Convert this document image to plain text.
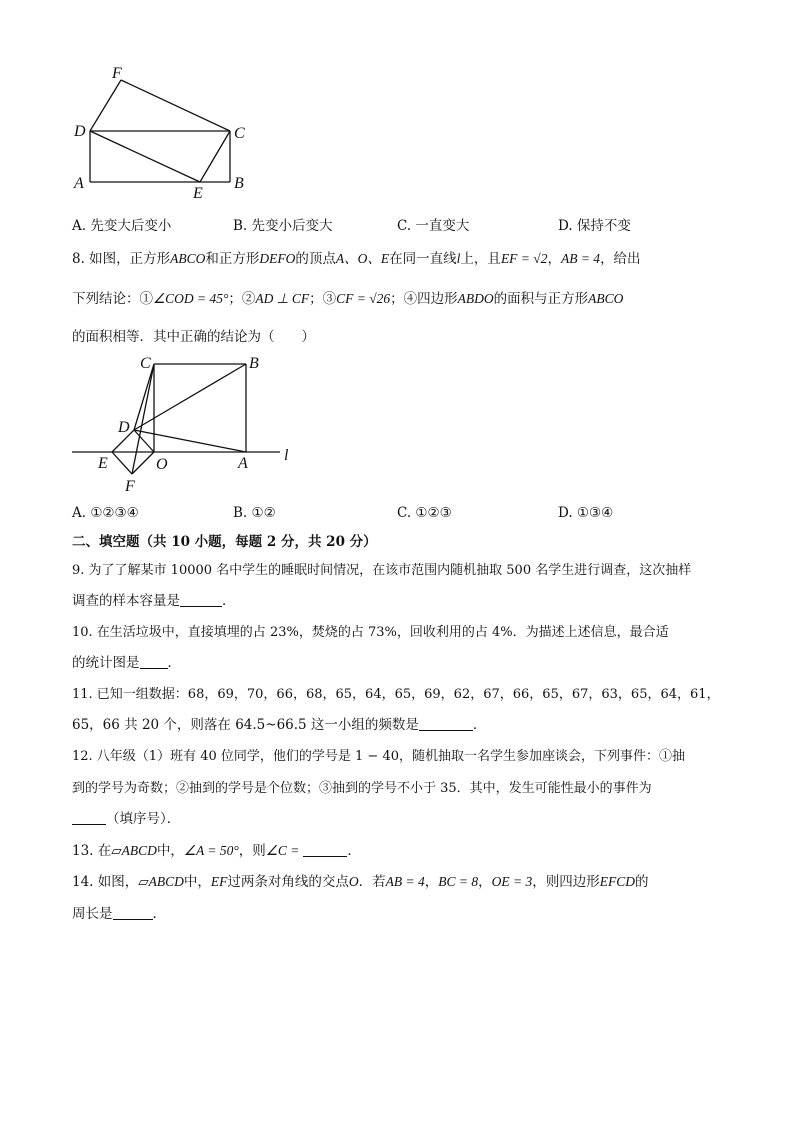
F
D	C
A
E
B
A. 先变大后变小	B. 先变小后变大	C. 一直变大	D. 保持不变
8. 如图，正方形ABCO和正方形DEFO的顶点A、O、E在同一直线l上，且EF = √2，AB = 4，给出
下列结论：①∠COD = 45°；②AD ⊥ CF；③CF = √26；④四边形ABDO的面积与正方形ABCO
的面积相等．其中正确的结论为（　　）
C	B
D
E	O	A l
F
A. ①②③④	B. ①②	C. ①②③	D. ①③④
二、填空题（共 10 小题，每题 2 分，共 20 分）
9. 为了了解某市 10000 名中学生的睡眠时间情况，在该市范围内随机抽取 500 名学生进行调查，这次抽样
调查的样本容量是	．
10. 在生活垃圾中，直接填埋的占 23%，焚烧的占 73%，回收利用的占 4%．为描述上述信息，最合适
的统计图是 ．
11. 已知一组数据：68，69，70，66，68，65，64，65，69，62，67，66，65，67，63，65，64，61，
65，66 共 20 个，则落在 64.5~66.5 这一小组的频数是	．
12. 八年级（1）班有 40 位同学，他们的学号是 1 − 40，随机抽取一名学生参加座谈会，下列事件：①抽
到的学号为奇数；②抽到的学号是个位数；③抽到的学号不小于 35．其中，发生可能性最小的事件为
（填序号）．
13. 在▱ABCD中，∠A = 50°，则∠C =	．
14. 如图，▱ABCD中，EF过两条对角线的交点O．若AB = 4，BC = 8，OE = 3，则四边形EFCD的
周长是	．
